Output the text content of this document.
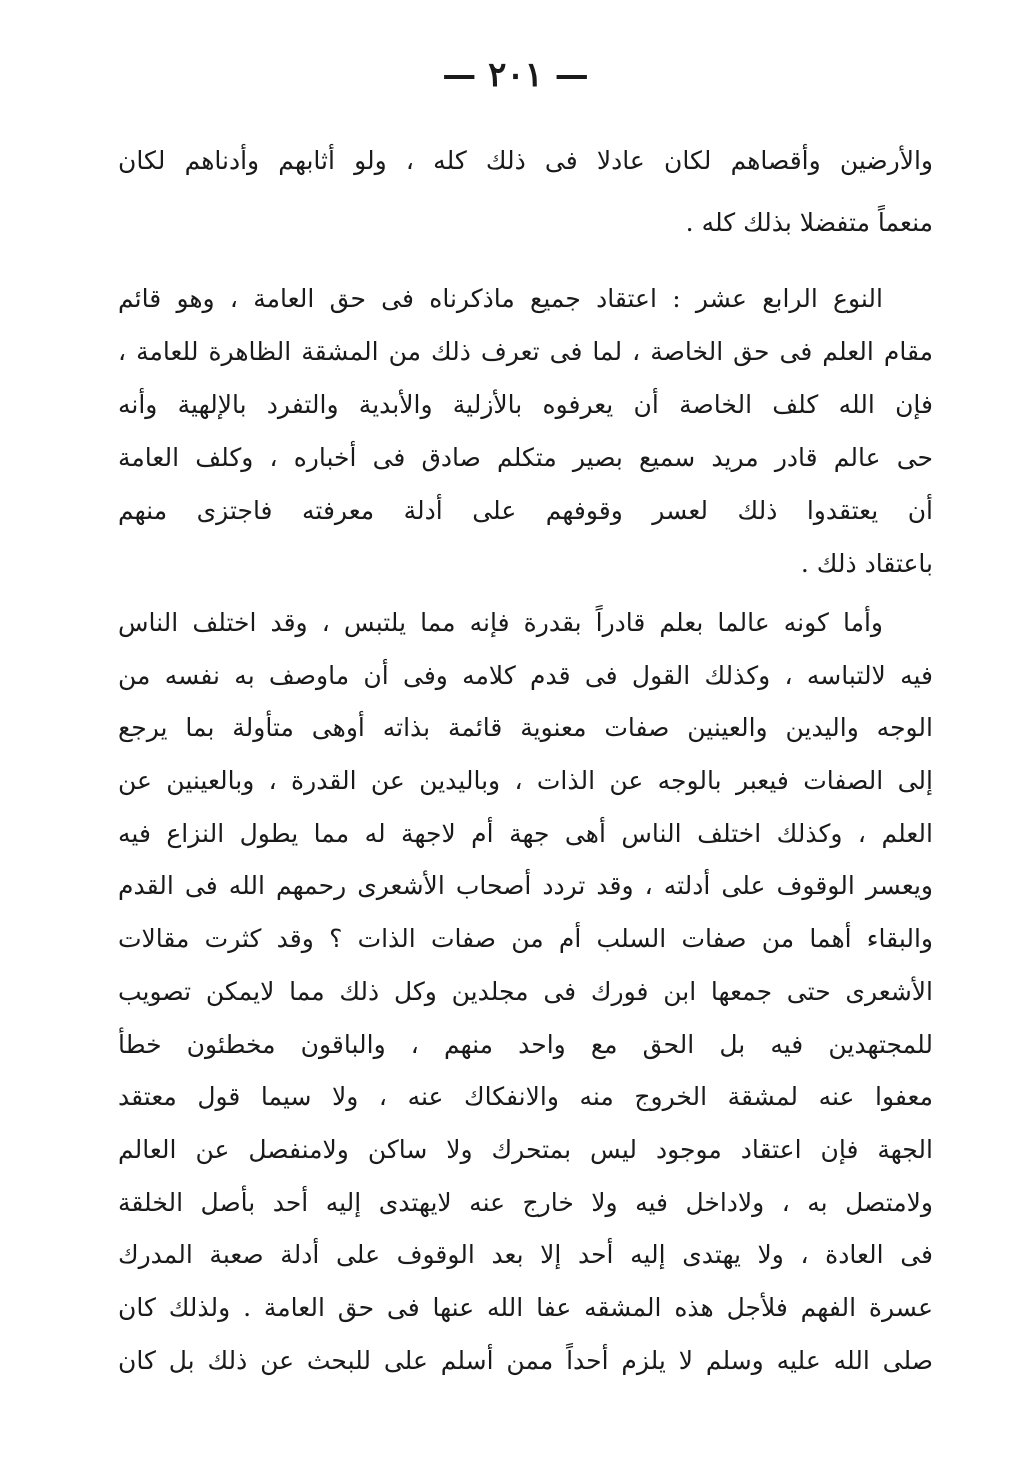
— ٢٠١ —
والأرضين وأقصاهم لكان عادلا فى ذلك كله ، ولو أثابهم وأدناهم لكان
منعماً متفضلا بذلك كله .
النوع الرابع عشر : اعتقاد جميع ماذكرناه فى حق العامة ، وهو قائم
مقام العلم فى حق الخاصة ، لما فى تعرف ذلك من المشقة الظاهرة للعامة ،
فإن الله كلف الخاصة أن يعرفوه بالأزلية والأبدية والتفرد بالإلهية وأنه
حى عالم قادر مريد سميع بصير متكلم صادق فى أخباره ، وكلف العامة
أن يعتقدوا ذلك لعسر وقوفهم على أدلة معرفته فاجتزى منهم
باعتقاد ذلك .
وأما كونه عالما بعلم قادراً بقدرة فإنه مما يلتبس ، وقد اختلف الناس
فيه لالتباسه ، وكذلك القول فى قدم كلامه وفى أن ماوصف به نفسه من
الوجه واليدين والعينين صفات معنوية قائمة بذاته أوهى متأولة بما يرجع
إلى الصفات فيعبر بالوجه عن الذات ، وباليدين عن القدرة ، وبالعينين عن
العلم ، وكذلك اختلف الناس أهى جهة أم لاجهة له مما يطول النزاع فيه
ويعسر الوقوف على أدلته ، وقد تردد أصحاب الأشعرى رحمهم الله فى القدم
والبقاء أهما من صفات السلب أم من صفات الذات ؟ وقد كثرت مقالات
الأشعرى حتى جمعها ابن فورك فى مجلدين وكل ذلك مما لايمكن تصويب
للمجتهدين فيه بل الحق مع واحد منهم ، والباقون مخطئون خطأ
معفوا عنه لمشقة الخروج منه والانفكاك عنه ، ولا سيما قول معتقد
الجهة فإن اعتقاد موجود ليس بمتحرك ولا ساكن ولامنفصل عن العالم
ولامتصل به ، ولاداخل فيه ولا خارج عنه لايهتدى إليه أحد بأصل الخلقة
فى العادة ، ولا يهتدى إليه أحد إلا بعد الوقوف على أدلة صعبة المدرك
عسرة الفهم فلأجل هذه المشقه عفا الله عنها فى حق العامة . ولذلك كان
صلى الله عليه وسلم لا يلزم أحداً ممن أسلم على للبحث عن ذلك بل كان
